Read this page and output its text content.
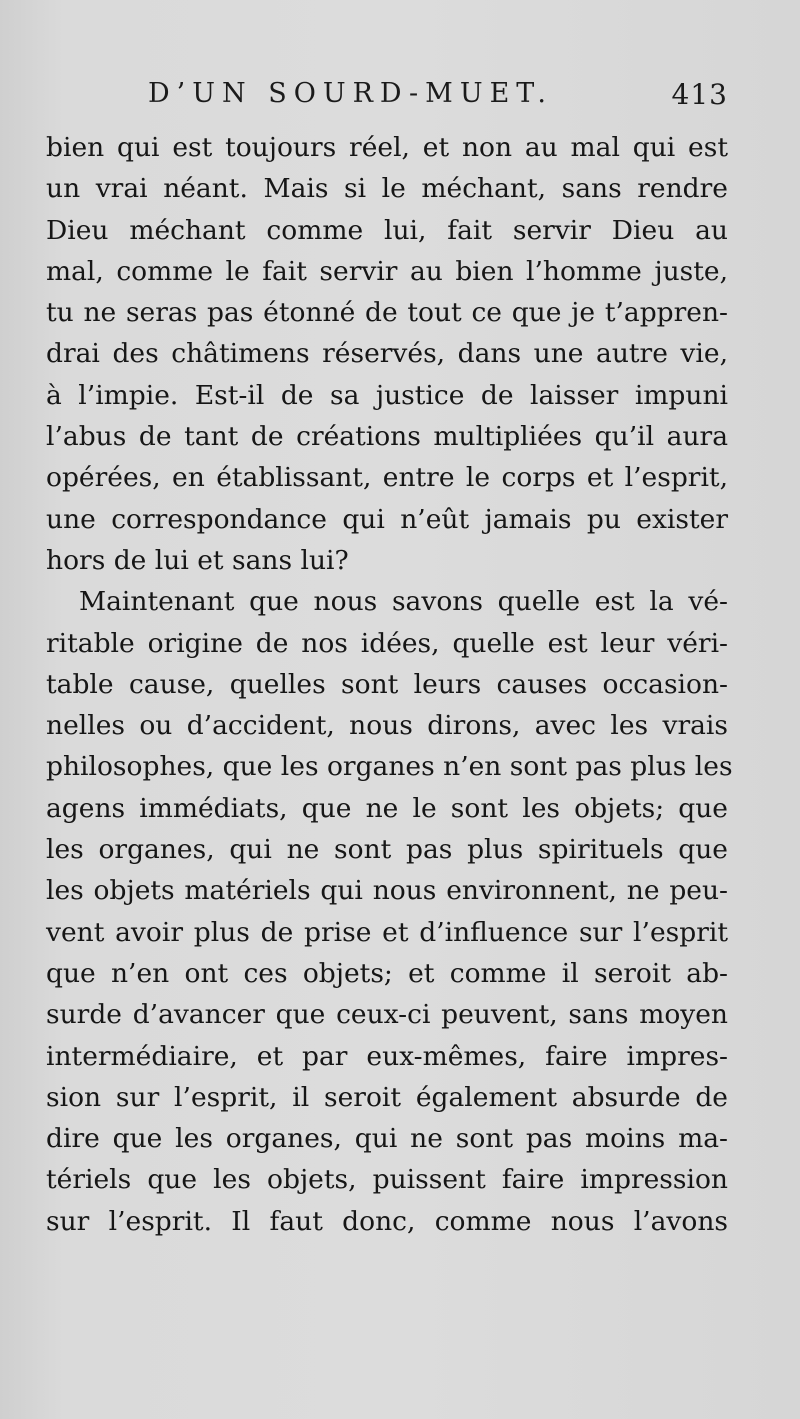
D’UN SOURD-MUET.	413
bien qui est toujours réel, et non au mal qui est
un vrai néant. Mais si le méchant, sans rendre
Dieu méchant comme lui, fait servir Dieu au
mal, comme le fait servir au bien l’homme juste,
tu ne seras pas étonné de tout ce que je t’appren-
drai des châtimens réservés, dans une autre vie,
à l’impie. Est-il de sa justice de laisser impuni
l’abus de tant de créations multipliées qu’il aura
opérées, en établissant, entre le corps et l’esprit,
une correspondance qui n’eût jamais pu exister
hors de lui et sans lui?
Maintenant que nous savons quelle est la vé-
ritable origine de nos idées, quelle est leur véri-
table cause, quelles sont leurs causes occasion-
nelles ou d’accident, nous dirons, avec les vrais
philosophes, que les organes n’en sont pas plus les
agens immédiats, que ne le sont les objets; que
les organes, qui ne sont pas plus spirituels que
les objets matériels qui nous environnent, ne peu-
vent avoir plus de prise et d’influence sur l’esprit
que n’en ont ces objets; et comme il seroit ab-
surde d’avancer que ceux-ci peuvent, sans moyen
intermédiaire, et par eux-mêmes, faire impres-
sion sur l’esprit, il seroit également absurde de
dire que les organes, qui ne sont pas moins ma-
tériels que les objets, puissent faire impression
sur l’esprit. Il faut donc, comme nous l’avons
